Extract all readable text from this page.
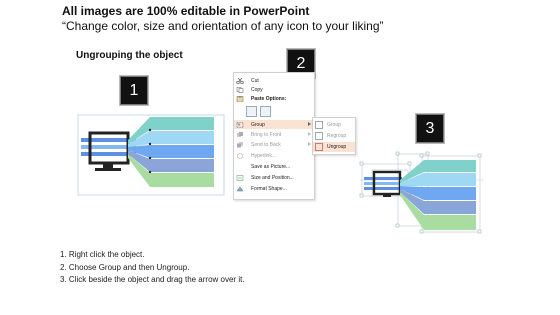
All images are 100% editable in PowerPoint
“Change color, size and orientation of any icon to your liking”
Ungrouping the object
1
2
3
Cut
Copy
Paste Options:
Group
Bring to Front
Send to Back
Hyperlink...
Save as Picture...
Size and Position...
Format Shape...
Group
Regroup
Ungroup
1. Right click the object.
2. Choose Group and then Ungroup.
3. Click beside the object and drag the arrow over it.
